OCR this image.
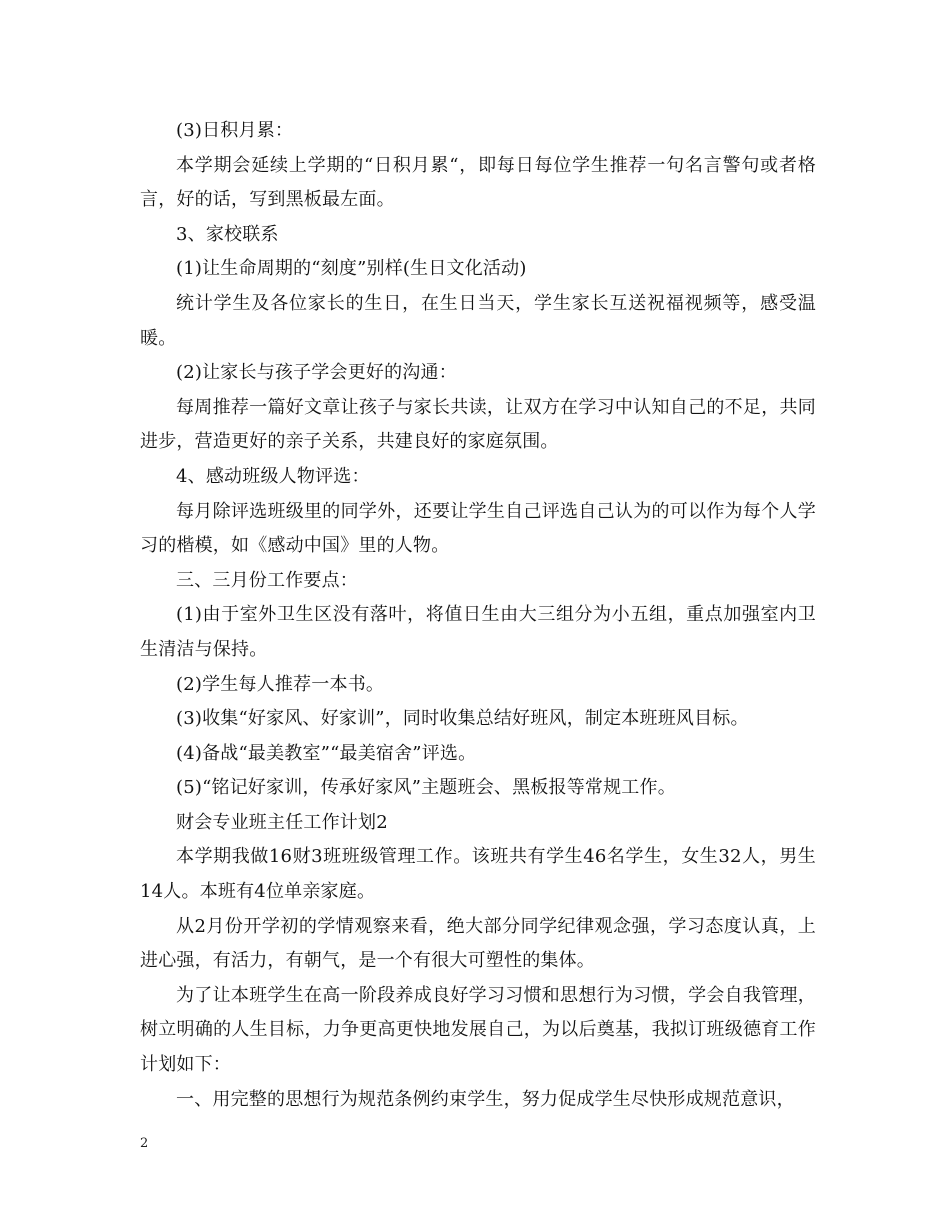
(3)日积月累：

本学期会延续上学期的“日积月累“，即每日每位学生推荐一句名言警句或者格言，好的话，写到黑板最左面。

3、家校联系

(1)让生命周期的“刻度”别样(生日文化活动)

统计学生及各位家长的生日，在生日当天，学生家长互送祝福视频等，感受温暖。

(2)让家长与孩子学会更好的沟通：

每周推荐一篇好文章让孩子与家长共读，让双方在学习中认知自己的不足，共同进步，营造更好的亲子关系，共建良好的家庭氛围。

4、感动班级人物评选：

每月除评选班级里的同学外，还要让学生自己评选自己认为的可以作为每个人学习的楷模，如《感动中国》里的人物。

三、三月份工作要点：

(1)由于室外卫生区没有落叶，将值日生由大三组分为小五组，重点加强室内卫生清洁与保持。

(2)学生每人推荐一本书。

(3)收集“好家风、好家训”，同时收集总结好班风，制定本班班风目标。

(4)备战“最美教室”“最美宿舍”评选。

(5)“铭记好家训，传承好家风”主题班会、黑板报等常规工作。

财会专业班主任工作计划2

本学期我做16财3班班级管理工作。该班共有学生46名学生，女生32人，男生14人。本班有4位单亲家庭。

从2月份开学初的学情观察来看，绝大部分同学纪律观念强，学习态度认真，上进心强，有活力，有朝气，是一个有很大可塑性的集体。

为了让本班学生在高一阶段养成良好学习习惯和思想行为习惯，学会自我管理，树立明确的人生目标，力争更高更快地发展自己，为以后奠基，我拟订班级德育工作计划如下：

一、用完整的思想行为规范条例约束学生，努力促成学生尽快形成规范意识，

2
